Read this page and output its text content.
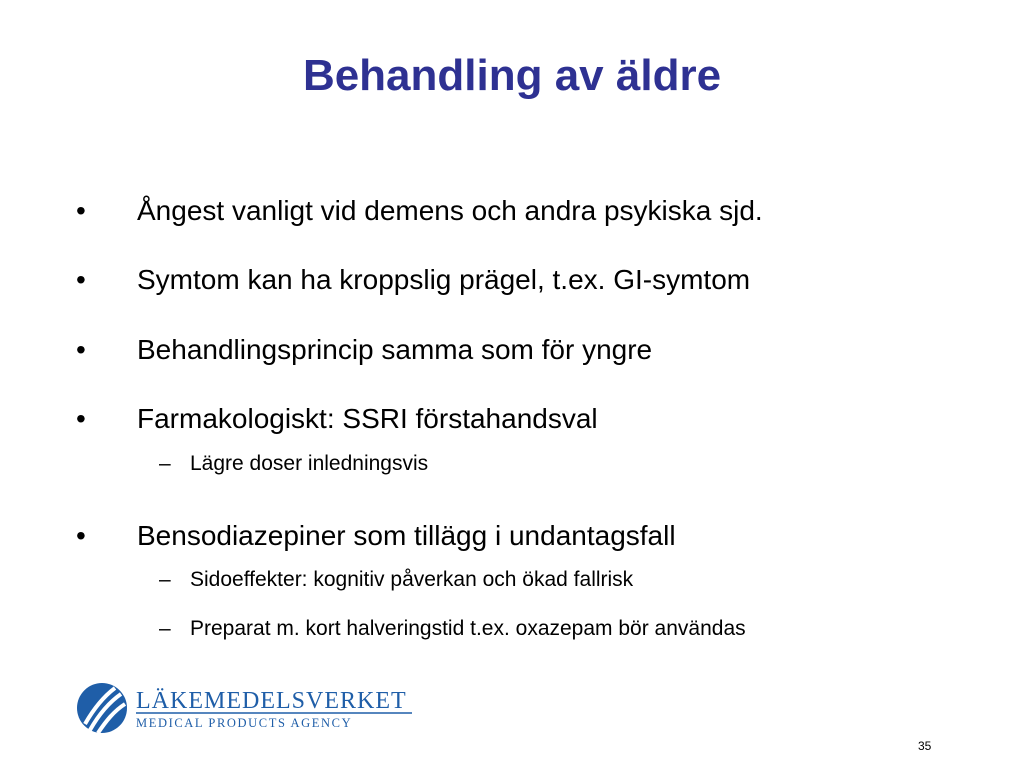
Behandling av äldre
• Ångest vanligt vid demens och andra psykiska sjd.
• Symtom kan ha kroppslig prägel, t.ex. GI-symtom
• Behandlingsprincip samma som för yngre
• Farmakologiskt: SSRI förstahandsval
– Lägre doser inledningsvis
• Bensodiazepiner som tillägg i undantagsfall
– Sidoeffekter: kognitiv påverkan och ökad fallrisk
– Preparat m. kort halveringstid t.ex. oxazepam bör användas
LÄKEMEDELSVERKET
MEDICAL PRODUCTS AGENCY
35
